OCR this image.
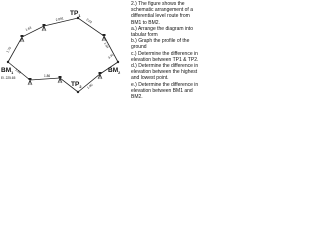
$TP_1$
$TP_2$
$BM_1$	$BM_2$
El. 225.65
1.75
1.63
2.891	2.02
1.54
3.31
1.80
1.86
1.88

2.) The figure shows the schematic arrangement of a differential level route from BM1 to BM2.

a.) Arrange the diagram into tabular form

b.) Graph the profile of the ground

c.) Determine the difference in elevation between TP1 & TP2.

d.) Determine the difference in elevation between the highest and lowest point.

e.) Determine the difference in elevation between BM1 and BM2.
